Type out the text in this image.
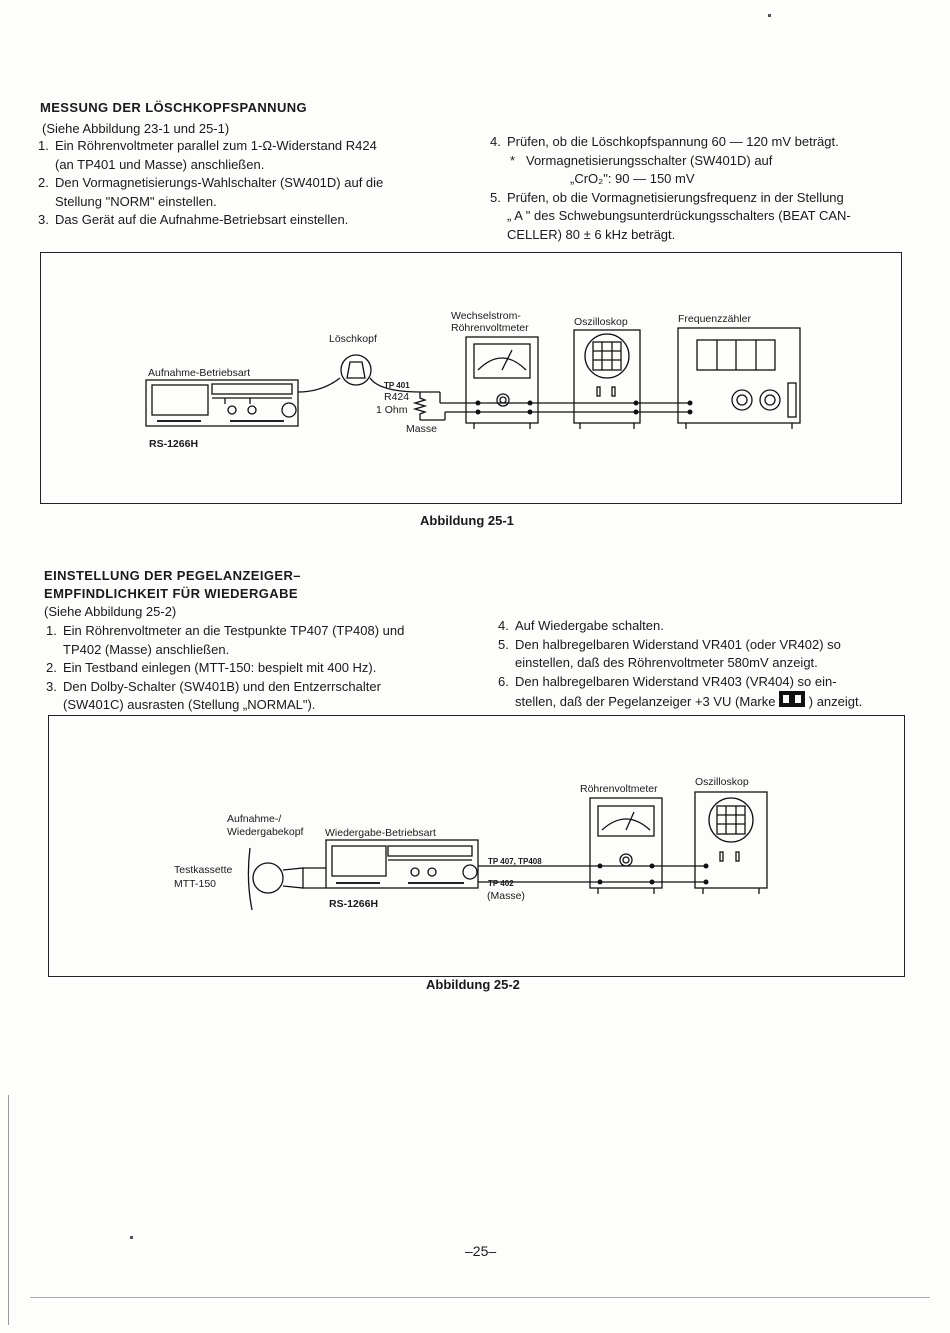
MESSUNG DER LÖSCHKOPFSPANNUNG
(Siehe Abbildung 23-1 und 25-1)
1. Ein Röhrenvoltmeter parallel zum 1-Ω-Widerstand R424
(an TP401 und Masse) anschließen.
2. Den Vormagnetisierungs-Wahlschalter (SW401D) auf die
Stellung "NORM" einstellen.
3. Das Gerät auf die Aufnahme-Betriebsart einstellen.
4. Prüfen, ob die Löschkopfspannung 60 — 120 mV beträgt.
* Vormagnetisierungsschalter (SW401D) auf
„CrO₂": 90 — 150 mV
5. Prüfen, ob die Vormagnetisierungsfrequenz in der Stellung
„ A " des Schwebungsunterdrückungsschalters (BEAT CAN-
CELLER) 80 ± 6 kHz beträgt.
Löschkopf
Aufnahme-Betriebsart
RS-1266H
TP 401
R424
1 Ohm
Masse
Wechselstrom-
Röhrenvoltmeter	Oszilloskop	Frequenzzähler
Abbildung 25-1
EINSTELLUNG DER PEGELANZEIGER–
EMPFINDLICHKEIT FÜR WIEDERGABE
(Siehe Abbildung 25-2)
1. Ein Röhrenvoltmeter an die Testpunkte TP407 (TP408) und
TP402 (Masse) anschließen.
2. Ein Testband einlegen (MTT-150: bespielt mit 400 Hz).
3. Den Dolby-Schalter (SW401B) und den Entzerrschalter
(SW401C) ausrasten (Stellung „NORMAL").
4. Auf Wiedergabe schalten.
5. Den halbregelbaren Widerstand VR401 (oder VR402) so
einstellen, daß des Röhrenvoltmeter 580mV anzeigt.
6. Den halbregelbaren Widerstand VR403 (VR404) so ein-
stellen, daß der Pegelanzeiger +3 VU (Marke	) anzeigt.
Aufnahme-/
Wiedergabekopf Wiedergabe-Betriebsart
Testkassette
MTT-150
RS-1266H
TP 407, TP408
TP 402
(Masse)
Röhrenvoltmeter
Oszilloskop
Abbildung 25-2
–25–
